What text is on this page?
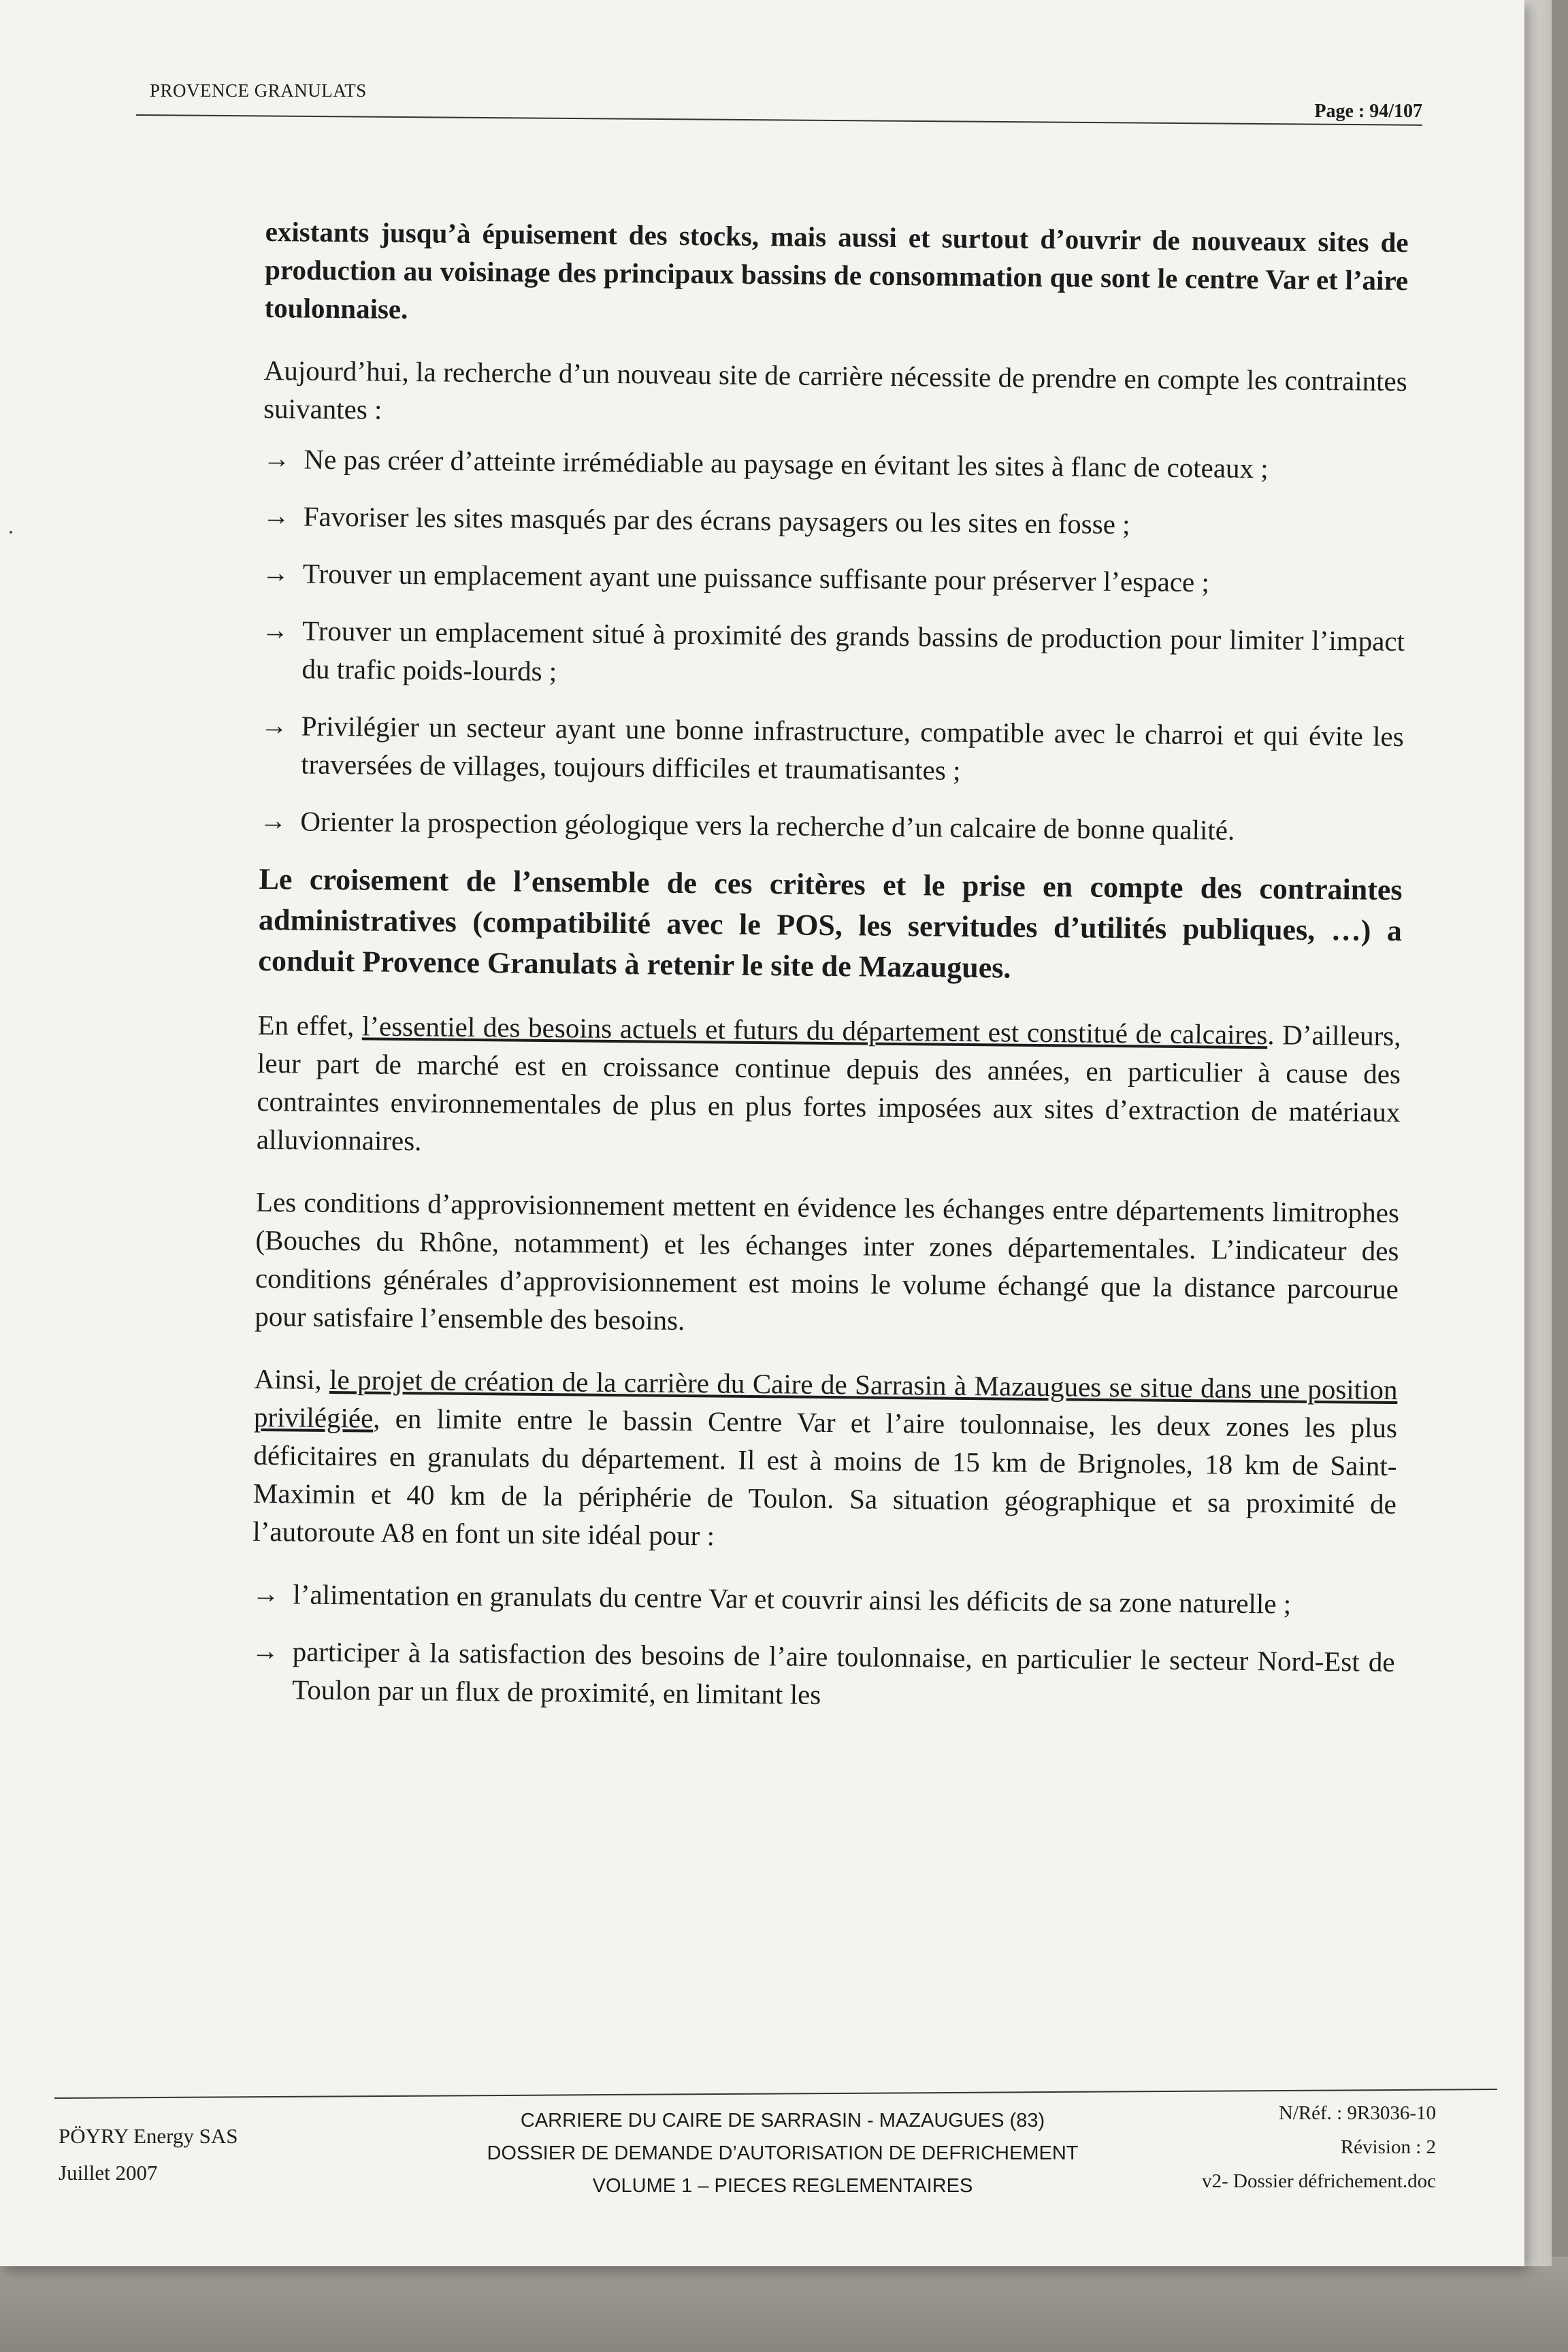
PROVENCE GRANULATS
Page : 94/107

existants jusqu’à épuisement des stocks, mais aussi et surtout d’ouvrir de nouveaux sites de production au voisinage des principaux bassins de consommation que sont le centre Var et l’aire toulonnaise.

Aujourd’hui, la recherche d’un nouveau site de carrière nécessite de prendre en compte les contraintes suivantes :

→ Ne pas créer d’atteinte irrémédiable au paysage en évitant les sites à flanc de coteaux ;
→ Favoriser les sites masqués par des écrans paysagers ou les sites en fosse ;
→ Trouver un emplacement ayant une puissance suffisante pour préserver l’espace ;
→ Trouver un emplacement situé à proximité des grands bassins de production pour limiter l’impact du trafic poids-lourds ;
→ Privilégier un secteur ayant une bonne infrastructure, compatible avec le charroi et qui évite les traversées de villages, toujours difficiles et traumatisantes ;
→ Orienter la prospection géologique vers la recherche d’un calcaire de bonne qualité.

Le croisement de l’ensemble de ces critères et le prise en compte des contraintes administratives (compatibilité avec le POS, les servitudes d’utilités publiques, …) a conduit Provence Granulats à retenir le site de Mazaugues.

En effet, l’essentiel des besoins actuels et futurs du département est constitué de calcaires. D’ailleurs, leur part de marché est en croissance continue depuis des années, en particulier à cause des contraintes environnementales de plus en plus fortes imposées aux sites d’extraction de matériaux alluvionnaires.

Les conditions d’approvisionnement mettent en évidence les échanges entre départements limitrophes (Bouches du Rhône, notamment) et les échanges inter zones départementales. L’indicateur des conditions générales d’approvisionnement est moins le volume échangé que la distance parcourue pour satisfaire l’ensemble des besoins.

Ainsi, le projet de création de la carrière du Caire de Sarrasin à Mazaugues se situe dans une position privilégiée, en limite entre le bassin Centre Var et l’aire toulonnaise, les deux zones les plus déficitaires en granulats du département. Il est à moins de 15 km de Brignoles, 18 km de Saint-Maximin et 40 km de la périphérie de Toulon. Sa situation géographique et sa proximité de l’autoroute A8 en font un site idéal pour :

→ l’alimentation en granulats du centre Var et couvrir ainsi les déficits de sa zone naturelle ;
→ participer à la satisfaction des besoins de l’aire toulonnaise, en particulier le secteur Nord-Est de Toulon par un flux de proximité, en limitant les
PÖYRY Energy SAS
Juillet 2007
CARRIERE DU CAIRE DE SARRASIN - MAZAUGUES (83)
DOSSIER DE DEMANDE D’AUTORISATION DE DEFRICHEMENT
VOLUME 1 – PIECES REGLEMENTAIRES
N/Réf. : 9R3036-10
Révision : 2
v2- Dossier défrichement.doc
